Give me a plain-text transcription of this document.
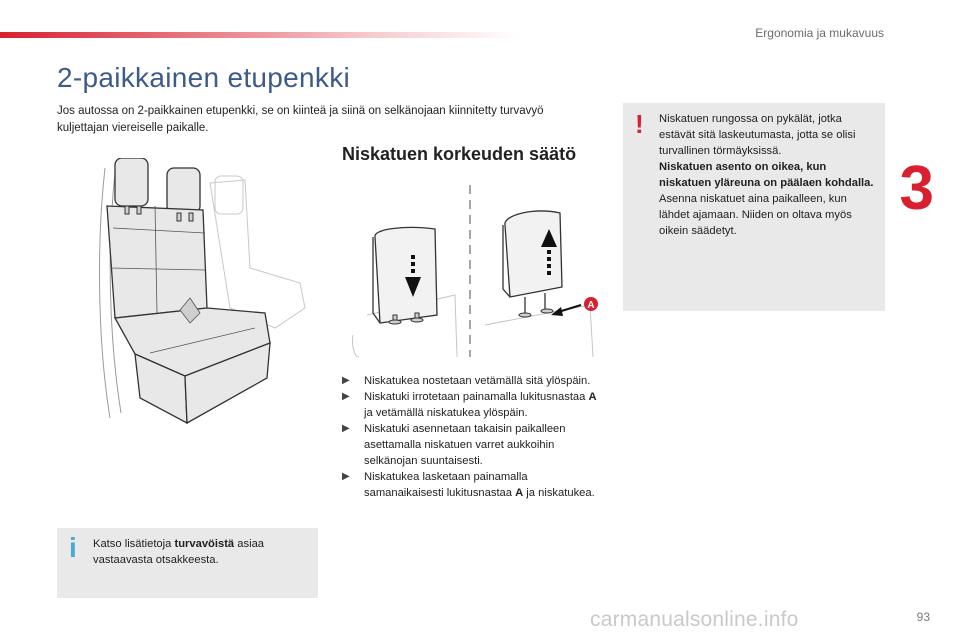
Ergonomia ja mukavuus
3
2-paikkainen etupenkki

Jos autossa on 2-paikkainen etupenkki, se on kiinteä ja siinä on selkänojaan kiinnitetty turvavyö kuljettajan viereiselle paikalle.

Niskatuen korkeuden säätö
A
! Niskatuen rungossa on pykälät, jotka estävät sitä laskeutumasta, jotta se olisi turvallinen törmäyksissä.
Niskatuen asento on oikea, kun niskatuen yläreuna on päälaen kohdalla.
Asenna niskatuet aina paikalleen, kun lähdet ajamaan. Niiden on oltava myös oikein säädetyt.
▶ Niskatukea nostetaan vetämällä sitä ylöspäin.
▶ Niskatuki irrotetaan painamalla lukitusnastaa A ja vetämällä niskatukea ylöspäin.
▶ Niskatuki asennetaan takaisin paikalleen asettamalla niskatuen varret aukkoihin selkänojan suuntaisesti.
▶ Niskatukea lasketaan painamalla samanaikaisesti lukitusnastaa A ja niskatukea.
i Katso lisätietoja turvavöistä asiaa vastaavasta otsakkeesta.
carmanualsonline.info	93
